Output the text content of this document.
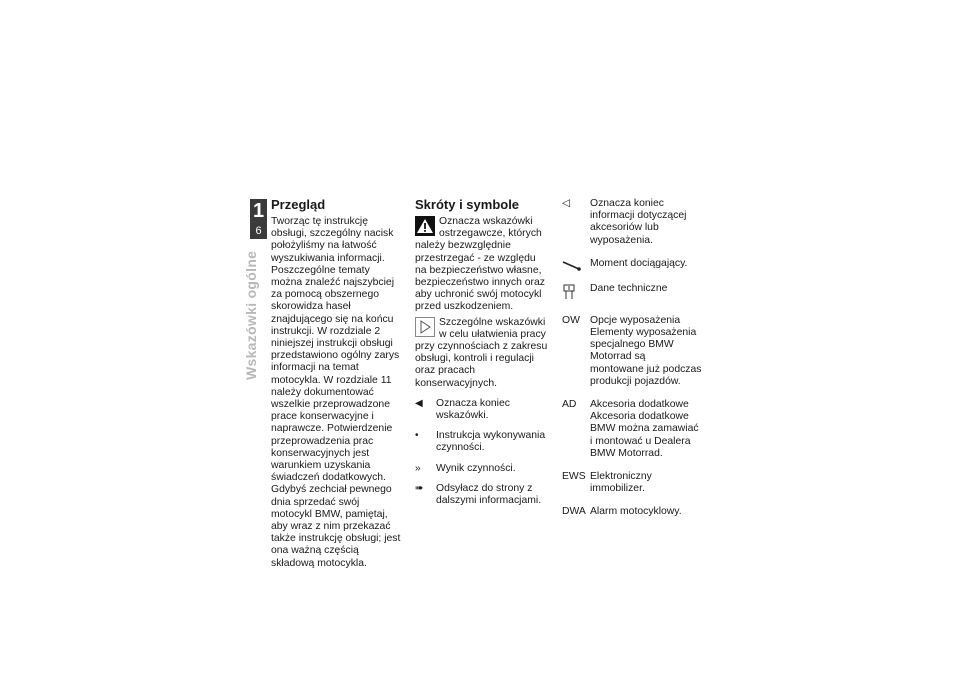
1
6
Wskazówki ogólne
Przegląd

Tworząc tę instrukcję obsługi, szczególny nacisk położyliśmy na łatwość wyszukiwania informacji. Poszczególne tematy można znaleźć najszybciej za pomocą obszernego skorowidza haseł znajdującego się na końcu instrukcji. W rozdziale 2 niniejszej instrukcji obsługi przedstawiono ogólny zarys informacji na temat motocykla. W rozdziale 11 należy dokumentować wszelkie przeprowadzone prace konserwacyjne i naprawcze. Potwierdzenie przeprowadzenia prac konserwacyjnych jest warunkiem uzyskania świadczeń dodatkowych.

Gdybyś zechciał pewnego dnia sprzedać swój motocykl BMW, pamiętaj, aby wraz z nim przekazać także instrukcję obsługi; jest ona ważną częścią składową motocykla.

Skróty i symbole

Oznacza wskazówki ostrzegawcze, których należy bezwzględnie przestrzegać - ze względu na bezpieczeństwo własne, bezpieczeństwo innych oraz aby uchronić swój motocykl przed uszkodzeniem.

Szczególne wskazówki w celu ułatwienia pracy przy czynnościach z zakresu obsługi, kontroli i regulacji oraz pracach konserwacyjnych.

◀	Oznacza koniec wskazówki.
•	Instrukcja wykonywania czynności.
»	Wynik czynności.
➠	Odsyłacz do strony z dalszymi informacjami.
◁	Oznacza koniec informacji dotyczącej akcesoriów lub wyposażenia.
Moment dociągający.
Dane techniczne
OW Opcje wyposażenia Elementy wyposażenia specjalnego BMW Motorrad są montowane już podczas produkcji pojazdów.
AD	Akcesoria dodatkowe Akcesoria dodatkowe BMW można zamawiać i montować u Dealera BMW Motorrad.
EWS Elektroniczny immobilizer.
DWA Alarm motocyklowy.
